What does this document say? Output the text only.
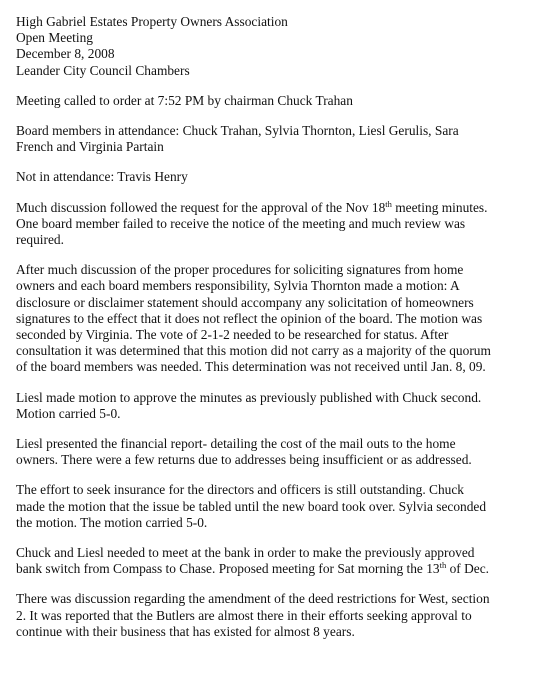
High Gabriel Estates Property Owners Association
Open Meeting
December 8, 2008
Leander City Council Chambers

Meeting called to order at 7:52 PM by chairman Chuck Trahan

Board members in attendance: Chuck Trahan, Sylvia Thornton, Liesl Gerulis, Sara
French and Virginia Partain

Not in attendance: Travis Henry

Much discussion followed the request for the approval of the Nov 18th meeting minutes.
One board member failed to receive the notice of the meeting and much review was
required.

After much discussion of the proper procedures for soliciting signatures from home
owners and each board members responsibility, Sylvia Thornton made a motion: A
disclosure or disclaimer statement should accompany any solicitation of homeowners
signatures to the effect that it does not reflect the opinion of the board. The motion was
seconded by Virginia. The vote of 2-1-2 needed to be researched for status. After
consultation it was determined that this motion did not carry as a majority of the quorum
of the board members was needed. This determination was not received until Jan. 8, 09.

Liesl made motion to approve the minutes as previously published with Chuck second.
Motion carried 5-0.

Liesl presented the financial report- detailing the cost of the mail outs to the home
owners. There were a few returns due to addresses being insufficient or as addressed.

The effort to seek insurance for the directors and officers is still outstanding. Chuck
made the motion that the issue be tabled until the new board took over. Sylvia seconded
the motion. The motion carried 5-0.

Chuck and Liesl needed to meet at the bank in order to make the previously approved
bank switch from Compass to Chase. Proposed meeting for Sat morning the 13th of Dec.

There was discussion regarding the amendment of the deed restrictions for West, section
2. It was reported that the Butlers are almost there in their efforts seeking approval to
continue with their business that has existed for almost 8 years.
